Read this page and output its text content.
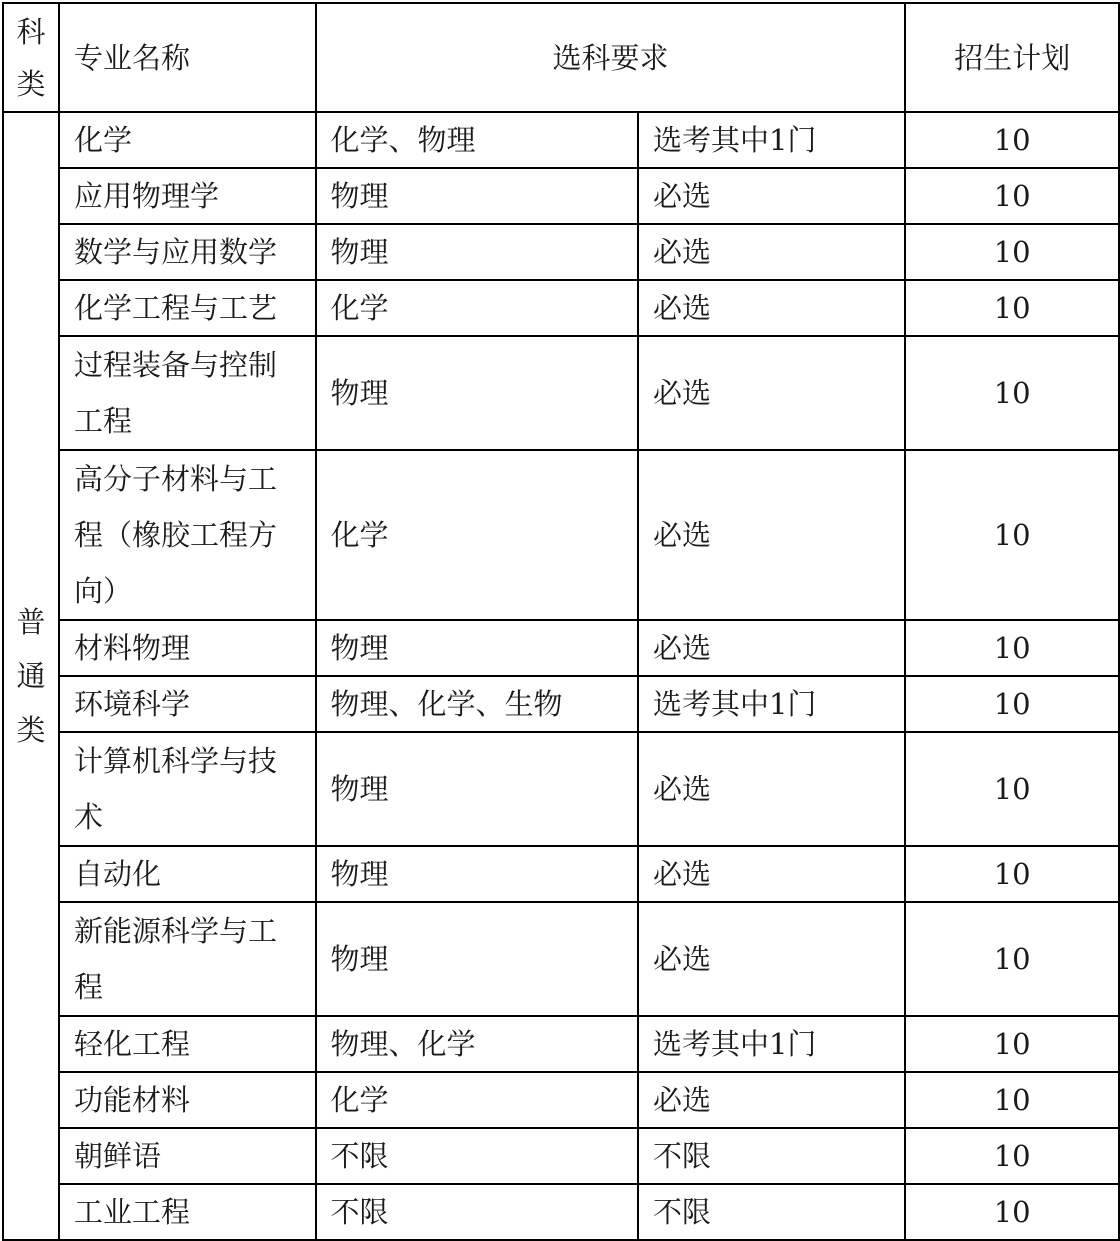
科类	专业名称	选科要求		招生计划

普通类	化学	化学、物理	选考其中1门	10
	应用物理学	物理	必选	10
	数学与应用数学	物理	必选	10
	化学工程与工艺	化学	必选	10

	过程装备与控制
工程	物理	必选	10

	高分子材料与工
程（橡胶工程方
向）	化学	必选	10
	材料物理	物理	必选	10
	环境科学	物理、化学、生物	选考其中1门	10

	计算机科学与技
术	物理	必选	10
	自动化	物理	必选	10

	新能源科学与工
程	物理	必选	10
	轻化工程	物理、化学	选考其中1门	10
	功能材料	化学	必选	10
	朝鲜语	不限	不限	10
	工业工程	不限	不限	10
